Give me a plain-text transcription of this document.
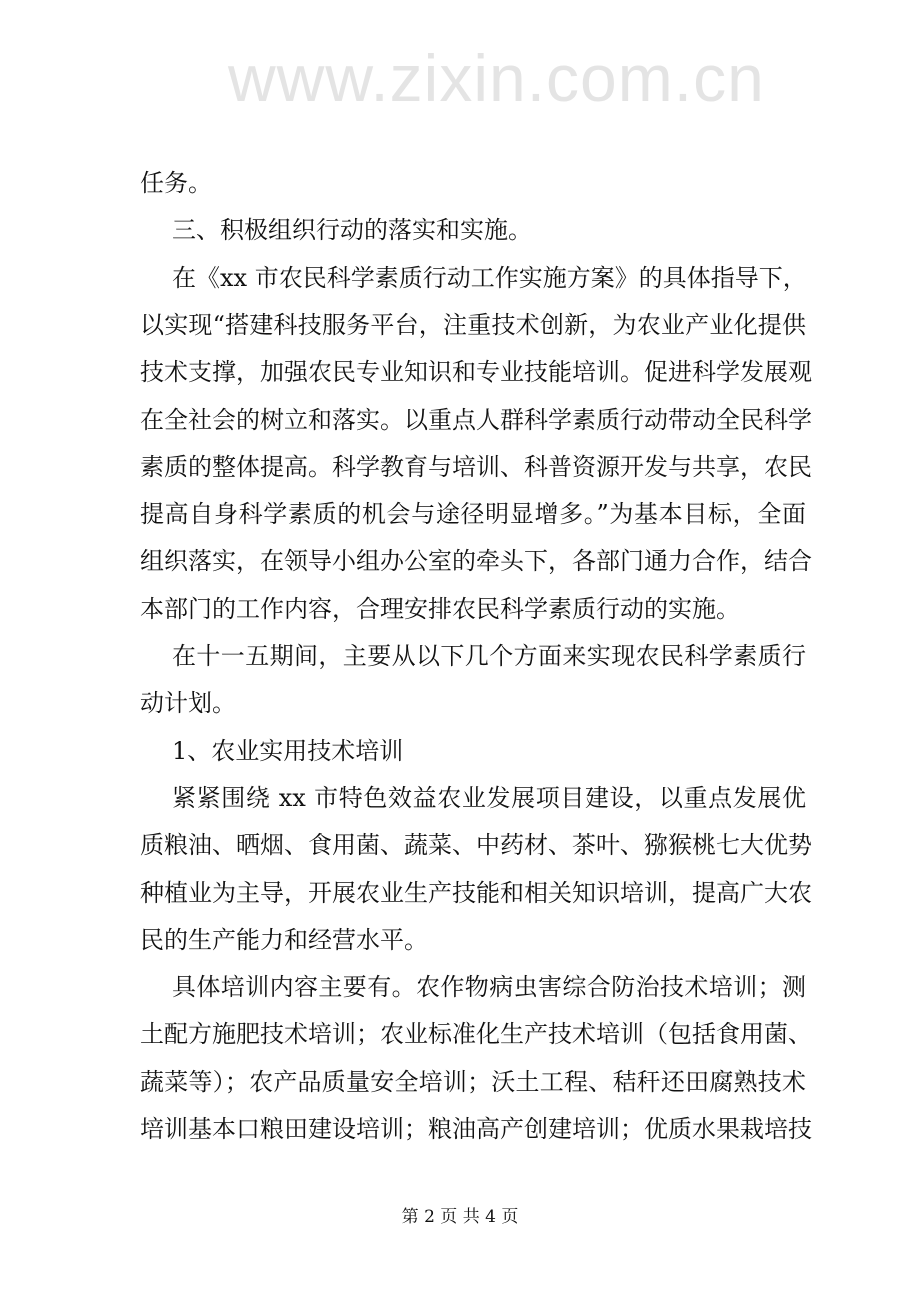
www.zixin.com.cn
任务。
三、积极组织行动的落实和实施。
在《xx 市农民科学素质行动工作实施方案》的具体指导下，
以实现“搭建科技服务平台，注重技术创新，为农业产业化提供
技术支撑，加强农民专业知识和专业技能培训。促进科学发展观
在全社会的树立和落实。以重点人群科学素质行动带动全民科学
素质的整体提高。科学教育与培训、科普资源开发与共享，农民
提高自身科学素质的机会与途径明显增多。”为基本目标，全面
组织落实，在领导小组办公室的牵头下，各部门通力合作，结合
本部门的工作内容，合理安排农民科学素质行动的实施。
在十一五期间，主要从以下几个方面来实现农民科学素质行
动计划。
1、农业实用技术培训
紧紧围绕 xx 市特色效益农业发展项目建设，以重点发展优
质粮油、晒烟、食用菌、蔬菜、中药材、茶叶、猕猴桃七大优势
种植业为主导，开展农业生产技能和相关知识培训，提高广大农
民的生产能力和经营水平。
具体培训内容主要有。农作物病虫害综合防治技术培训；测
土配方施肥技术培训；农业标准化生产技术培训（包括食用菌、
蔬菜等）；农产品质量安全培训；沃土工程、秸秆还田腐熟技术
培训基本口粮田建设培训；粮油高产创建培训；优质水果栽培技
第 2 页 共 4 页
